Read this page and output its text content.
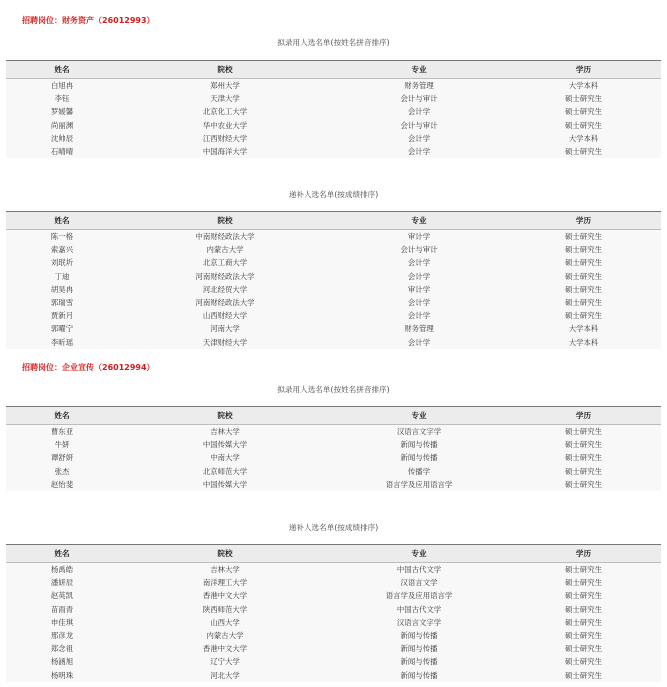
招聘岗位：财务资产（26012993）
拟录用人选名单(按姓名拼音排序)
姓名	院校	专业	学历
白旭冉	郑州大学	财务管理	大学本科
李钰	天津大学	会计与审计	硕士研究生
罗媛馨	北京化工大学	会计学	硕士研究生
尚丽渊	华中农业大学	会计与审计	硕士研究生
沈帅辰	江西财经大学	会计学	大学本科
石晴晴	中国海洋大学	会计学	硕士研究生
递补人选名单(按成绩排序)
姓名	院校	专业	学历
陈一格	中南财经政法大学	审计学	硕士研究生
索嘉兴	内蒙古大学	会计与审计	硕士研究生
刘珉圻	北京工商大学	会计学	硕士研究生
丁迪	河南财经政法大学	会计学	硕士研究生
胡昊冉	河北经贸大学	审计学	硕士研究生
郭瑞雪	河南财经政法大学	会计学	硕士研究生
贾新月	山西财经大学	会计学	硕士研究生
郭曜宁	河南大学	财务管理	大学本科
李昕瑶	天津财经大学	会计学	大学本科
招聘岗位：企业宣传（26012994）
拟录用人选名单(按姓名拼音排序)
姓名	院校	专业	学历
曹东亚	吉林大学	汉语言文字学	硕士研究生
牛妍	中国传媒大学	新闻与传播	硕士研究生
谭舒妍	中南大学	新闻与传播	硕士研究生
张杰	北京师范大学	传播学	硕士研究生
赵怡斐	中国传媒大学	语言学及应用语言学	硕士研究生
递补人选名单(按成绩排序)
姓名	院校	专业	学历
杨禹皓	吉林大学	中国古代文学	硕士研究生
潘妍辰	南洋理工大学	汉语言文学	硕士研究生
赵英凯	香港中文大学	语言学及应用语言学	硕士研究生
苗雨青	陕西师范大学	中国古代文学	硕士研究生
申佳琪	山西大学	汉语言文字学	硕士研究生
邢彦龙	内蒙古大学	新闻与传播	硕士研究生
郑念祖	香港中文大学	新闻与传播	硕士研究生
杨涵旭	辽宁大学	新闻与传播	硕士研究生
杨明珠	河北大学	新闻与传播	硕士研究生
